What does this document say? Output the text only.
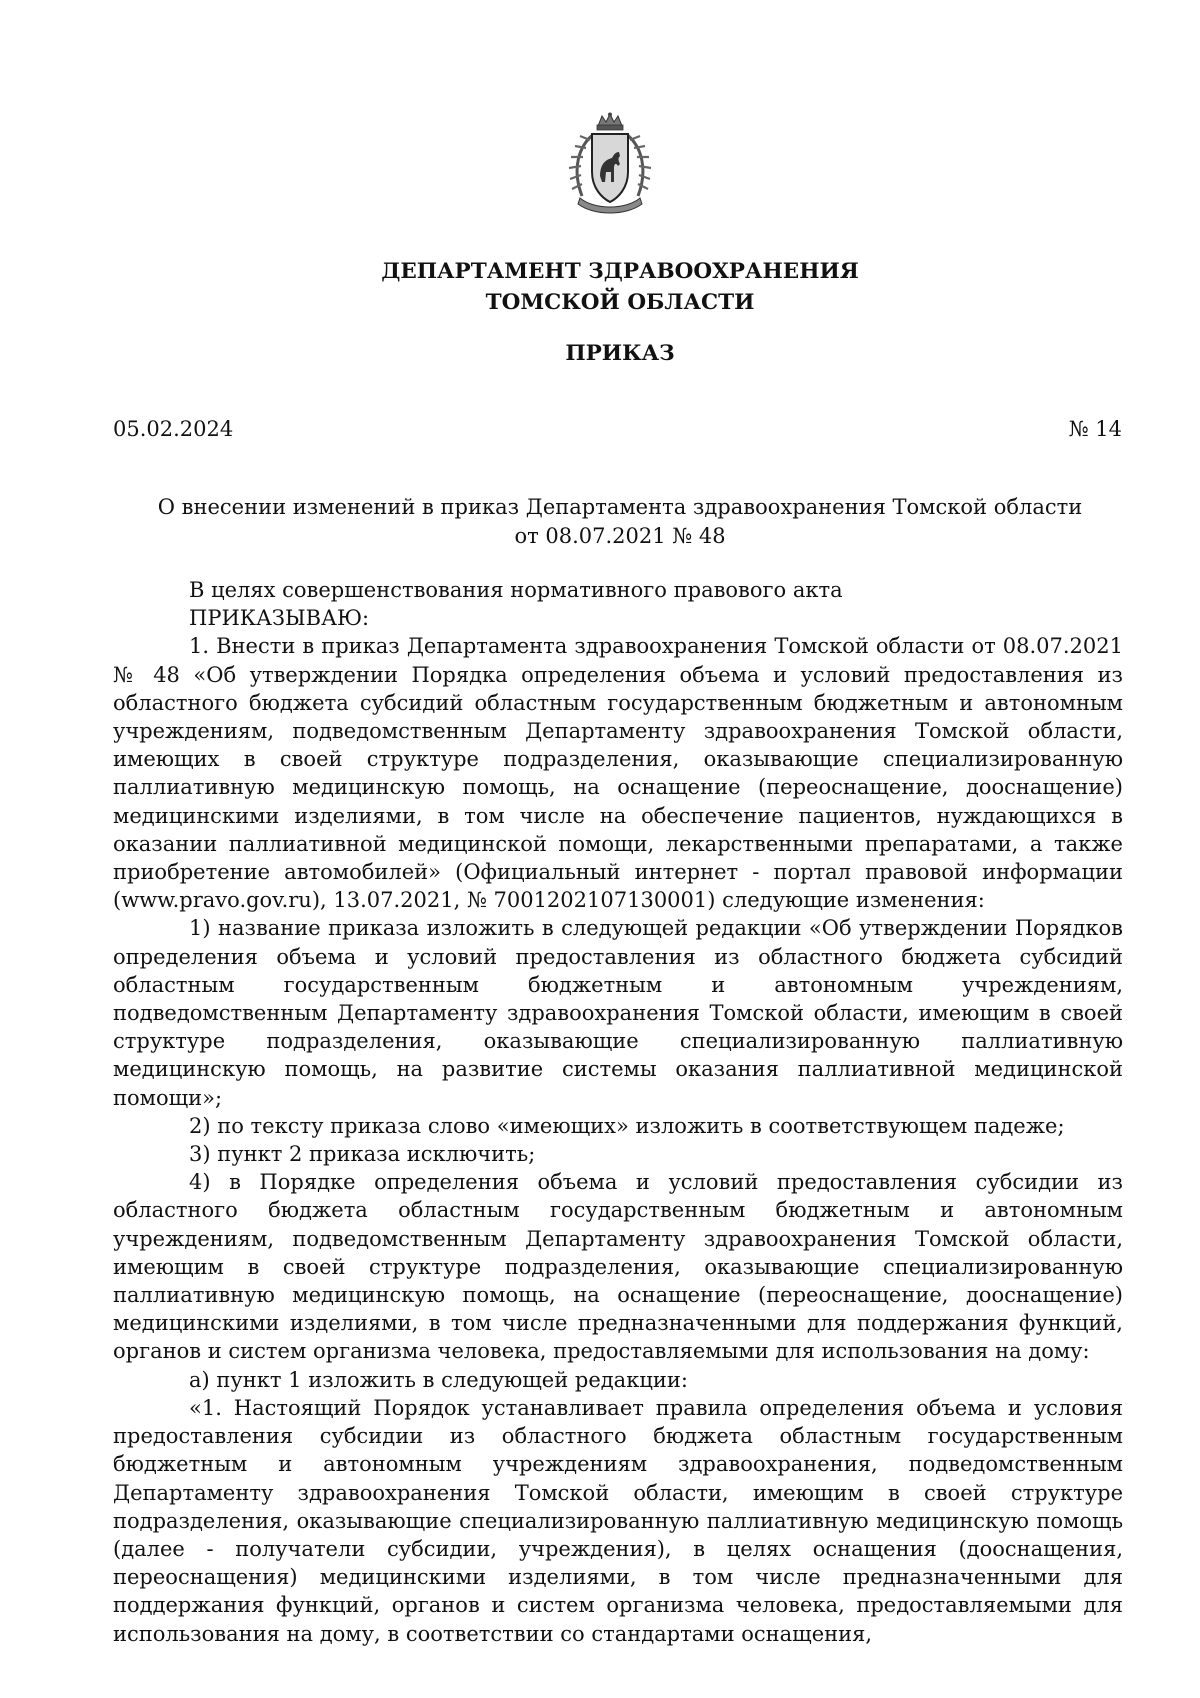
ДЕПАРТАМЕНТ ЗДРАВООХРАНЕНИЯ
ТОМСКОЙ ОБЛАСТИ
ПРИКАЗ
05.02.2024	№ 14
О внесении изменений в приказ Департамента здравоохранения Томской области
от 08.07.2021 № 48

В целях совершенствования нормативного правового акта

ПРИКАЗЫВАЮ:

1. Внести в приказ Департамента здравоохранения Томской области от 08.07.2021 № 48 «Об утверждении Порядка определения объема и условий предоставления из областного бюджета субсидий областным государственным бюджетным и автономным учреждениям, подведомственным Департаменту здравоохранения Томской области, имеющих в своей структуре подразделения, оказывающие специализированную паллиативную медицинскую помощь, на оснащение (переоснащение, дооснащение) медицинскими изделиями, в том числе на обеспечение пациентов, нуждающихся в оказании паллиативной медицинской помощи, лекарственными препаратами, а также приобретение автомобилей» (Официальный интернет - портал правовой информации (www.pravo.gov.ru), 13.07.2021, № 7001202107130001) следующие изменения:

1) название приказа изложить в следующей редакции «Об утверждении Порядков определения объема и условий предоставления из областного бюджета субсидий областным государственным бюджетным и автономным учреждениям, подведомственным Департаменту здравоохранения Томской области, имеющим в своей структуре подразделения, оказывающие специализированную паллиативную медицинскую помощь, на развитие системы оказания паллиативной медицинской помощи»;

2) по тексту приказа слово «имеющих» изложить в соответствующем падеже;

3) пункт 2 приказа исключить;

4) в Порядке определения объема и условий предоставления субсидии из областного бюджета областным государственным бюджетным и автономным учреждениям, подведомственным Департаменту здравоохранения Томской области, имеющим в своей структуре подразделения, оказывающие специализированную паллиативную медицинскую помощь, на оснащение (переоснащение, дооснащение) медицинскими изделиями, в том числе предназначенными для поддержания функций, органов и систем организма человека, предоставляемыми для использования на дому:

а) пункт 1 изложить в следующей редакции:

«1. Настоящий Порядок устанавливает правила определения объема и условия предоставления субсидии из областного бюджета областным государственным бюджетным и автономным учреждениям здравоохранения, подведомственным Департаменту здравоохранения Томской области, имеющим в своей структуре подразделения, оказывающие специализированную паллиативную медицинскую помощь (далее - получатели субсидии, учреждения), в целях оснащения (дооснащения, переоснащения) медицинскими изделиями, в том числе предназначенными для поддержания функций, органов и систем организма человека, предоставляемыми для использования на дому, в соответствии со стандартами оснащения,
